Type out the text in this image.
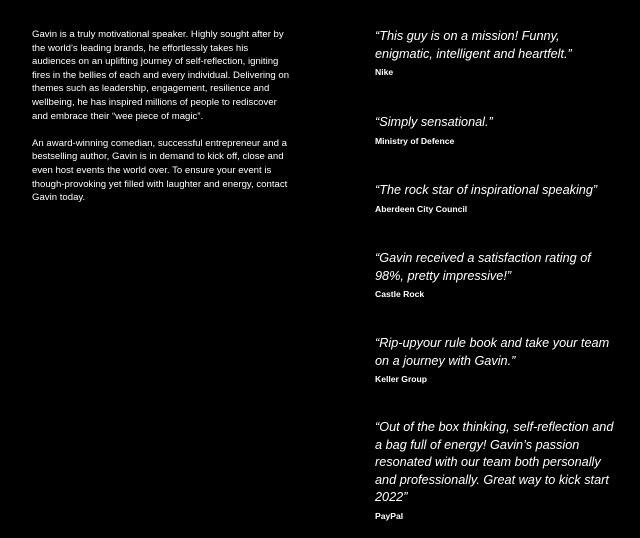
Gavin is a truly motivational speaker. Highly sought after by the world’s leading brands, he effortlessly takes his audiences on an uplifting journey of self-reflection, igniting fires in the bellies of each and every individual. Delivering on themes such as leadership, engagement, resilience and wellbeing, he has inspired millions of people to rediscover and embrace their “wee piece of magic”.

An award-winning comedian, successful entrepreneur and a bestselling author, Gavin is in demand to kick off, close and even host events the world over. To ensure your event is though-provoking yet filled with laughter and energy, contact Gavin today.

“This guy is on a mission! Funny, enigmatic, intelligent and heartfelt.”

Nike

“Simply sensational.”

Ministry of Defence

“The rock star of inspirational speaking”

Aberdeen City Council

“Gavin received a satisfaction rating of 98%, pretty impressive!”

Castle Rock

“Rip-upyour rule book and take your team on a journey with Gavin.”

Keller Group

“Out of the box thinking, self-reflection and a bag full of energy! Gavin’s passion resonated with our team both personally and professionally. Great way to kick start 2022”

PayPal
